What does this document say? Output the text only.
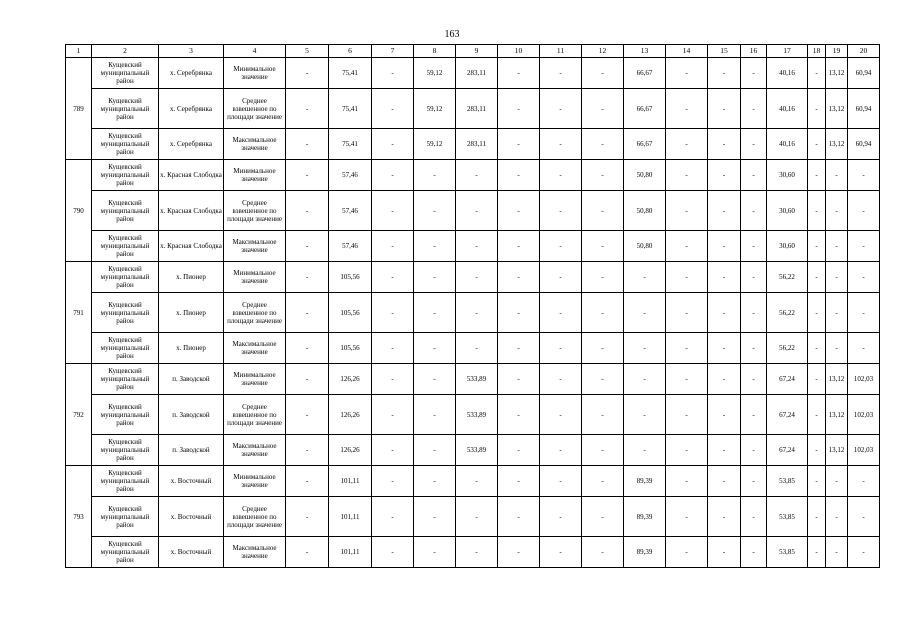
163
1	2	3	4	5	6	7	8	9	10	11	12	13	14	15	16	17	18	19	20
789	Кущевский муниципальный район	х. Серебрянка	Минимальное значение	-	75,41	-	59,12	283,11	-	-	-	66,67	-	-	-	40,16	-	13,12	60,94
	Кущевский муниципальный район	х. Серебрянка	Среднее взвешенное по площади значение	-	75,41	-	59,12	283,11	-	-	-	66,67	-	-	-	40,16	-	13,12	60,94
	Кущевский муниципальный район	х. Серебрянка	Максимальное значение	-	75,41	-	59,12	283,11	-	-	-	66,67	-	-	-	40,16	-	13,12	60,94
790	Кущевский муниципальный район	х. Красная Слободка	Минимальное значение	-	57,46	-	-	-	-	-	-	50,80	-	-	-	30,60	-	-	-
	Кущевский муниципальный район	х. Красная Слободка	Среднее взвешенное по площади значение	-	57,46	-	-	-	-	-	-	50,80	-	-	-	30,60	-	-	-
	Кущевский муниципальный район	х. Красная Слободка	Максимальное значение	-	57,46	-	-	-	-	-	-	50,80	-	-	-	30,60	-	-	-
791	Кущевский муниципальный район	х. Пионер	Минимальное значение	-	105,56	-	-	-	-	-	-	-	-	-	-	56,22	-	-	-
	Кущевский муниципальный район	х. Пионер	Среднее взвешенное по площади значение	-	105,56	-	-	-	-	-	-	-	-	-	-	56,22	-	-	-
	Кущевский муниципальный район	х. Пионер	Максимальное значение	-	105,56	-	-	-	-	-	-	-	-	-	-	56,22	-	-	-
792	Кущевский муниципальный район	п. Заводской	Минимальное значение	-	126,26	-	-	533,89	-	-	-	-	-	-	-	67,24	-	13,12	102,03
	Кущевский муниципальный район	п. Заводской	Среднее взвешенное по площади значение	-	126,26	-	-	533,89	-	-	-	-	-	-	-	67,24	-	13,12	102,03
	Кущевский муниципальный район	п. Заводской	Максимальное значение	-	126,26	-	-	533,89	-	-	-	-	-	-	-	67,24	-	13,12	102,03
793	Кущевский муниципальный район	х. Восточный	Минимальное значение	-	101,11	-	-	-	-	-	-	89,39	-	-	-	53,85	-	-	-
	Кущевский муниципальный район	х. Восточный	Среднее взвешенное по площади значение	-	101,11	-	-	-	-	-	-	89,39	-	-	-	53,85	-	-	-
	Кущевский муниципальный район	х. Восточный	Максимальное значение	-	101,11	-	-	-	-	-	-	89,39	-	-	-	53,85	-	-	-
